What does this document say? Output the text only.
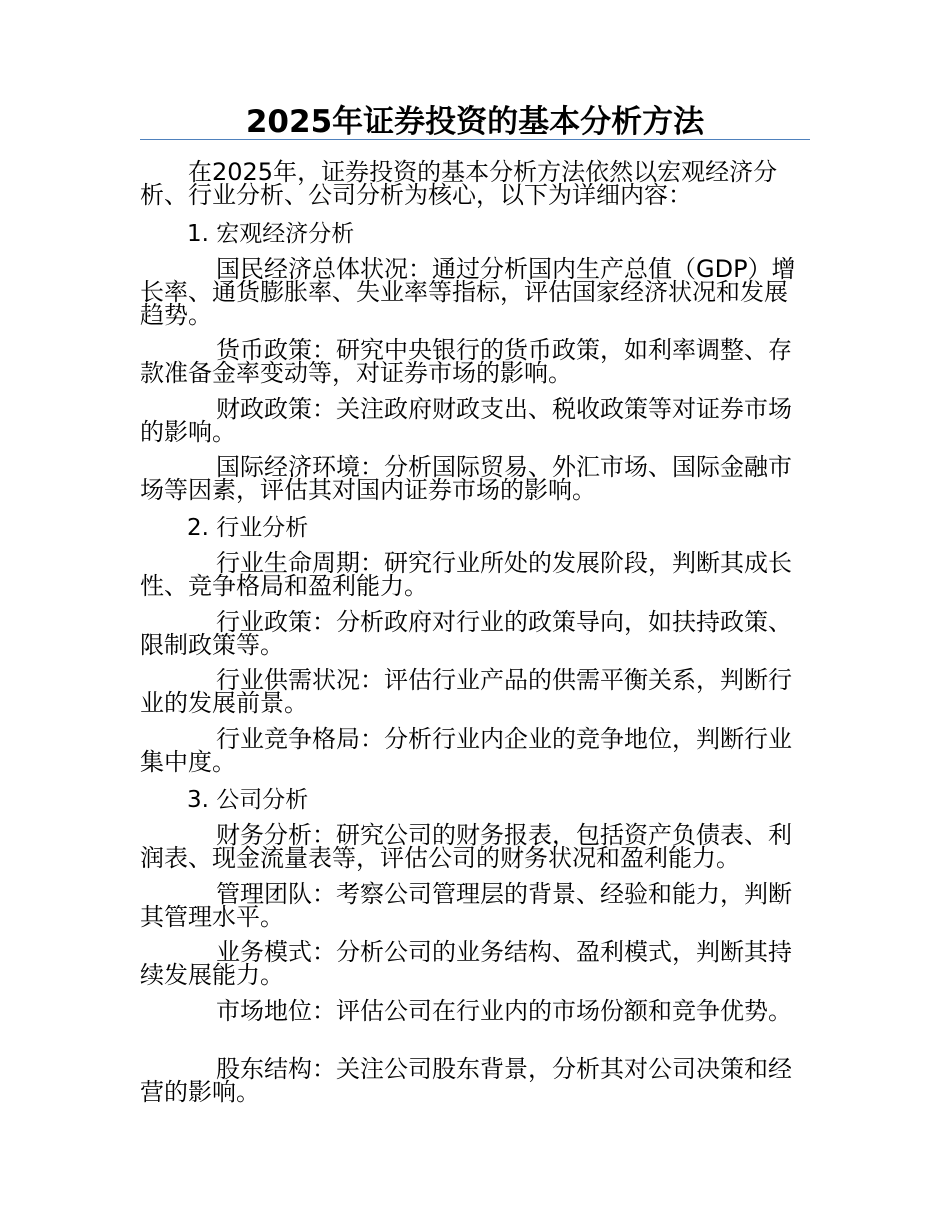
2025年证券投资的基本分析方法
在2025年，证券投资的基本分析方法依然以宏观经济分析、行业分析、公司分析为核心，以下为详细内容：
1. 宏观经济分析
国民经济总体状况：通过分析国内生产总值（GDP）增长率、通货膨胀率、失业率等指标，评估国家经济状况和发展趋势。
货币政策：研究中央银行的货币政策，如利率调整、存款准备金率变动等，对证券市场的影响。
财政政策：关注政府财政支出、税收政策等对证券市场的影响。
国际经济环境：分析国际贸易、外汇市场、国际金融市场等因素，评估其对国内证券市场的影响。
2. 行业分析
行业生命周期：研究行业所处的发展阶段，判断其成长性、竞争格局和盈利能力。
行业政策：分析政府对行业的政策导向，如扶持政策、限制政策等。
行业供需状况：评估行业产品的供需平衡关系，判断行业的发展前景。
行业竞争格局：分析行业内企业的竞争地位，判断行业集中度。
3. 公司分析
财务分析：研究公司的财务报表，包括资产负债表、利润表、现金流量表等，评估公司的财务状况和盈利能力。
管理团队：考察公司管理层的背景、经验和能力，判断其管理水平。
业务模式：分析公司的业务结构、盈利模式，判断其持续发展能力。
市场地位：评估公司在行业内的市场份额和竞争优势。
股东结构：关注公司股东背景，分析其对公司决策和经营的影响。
